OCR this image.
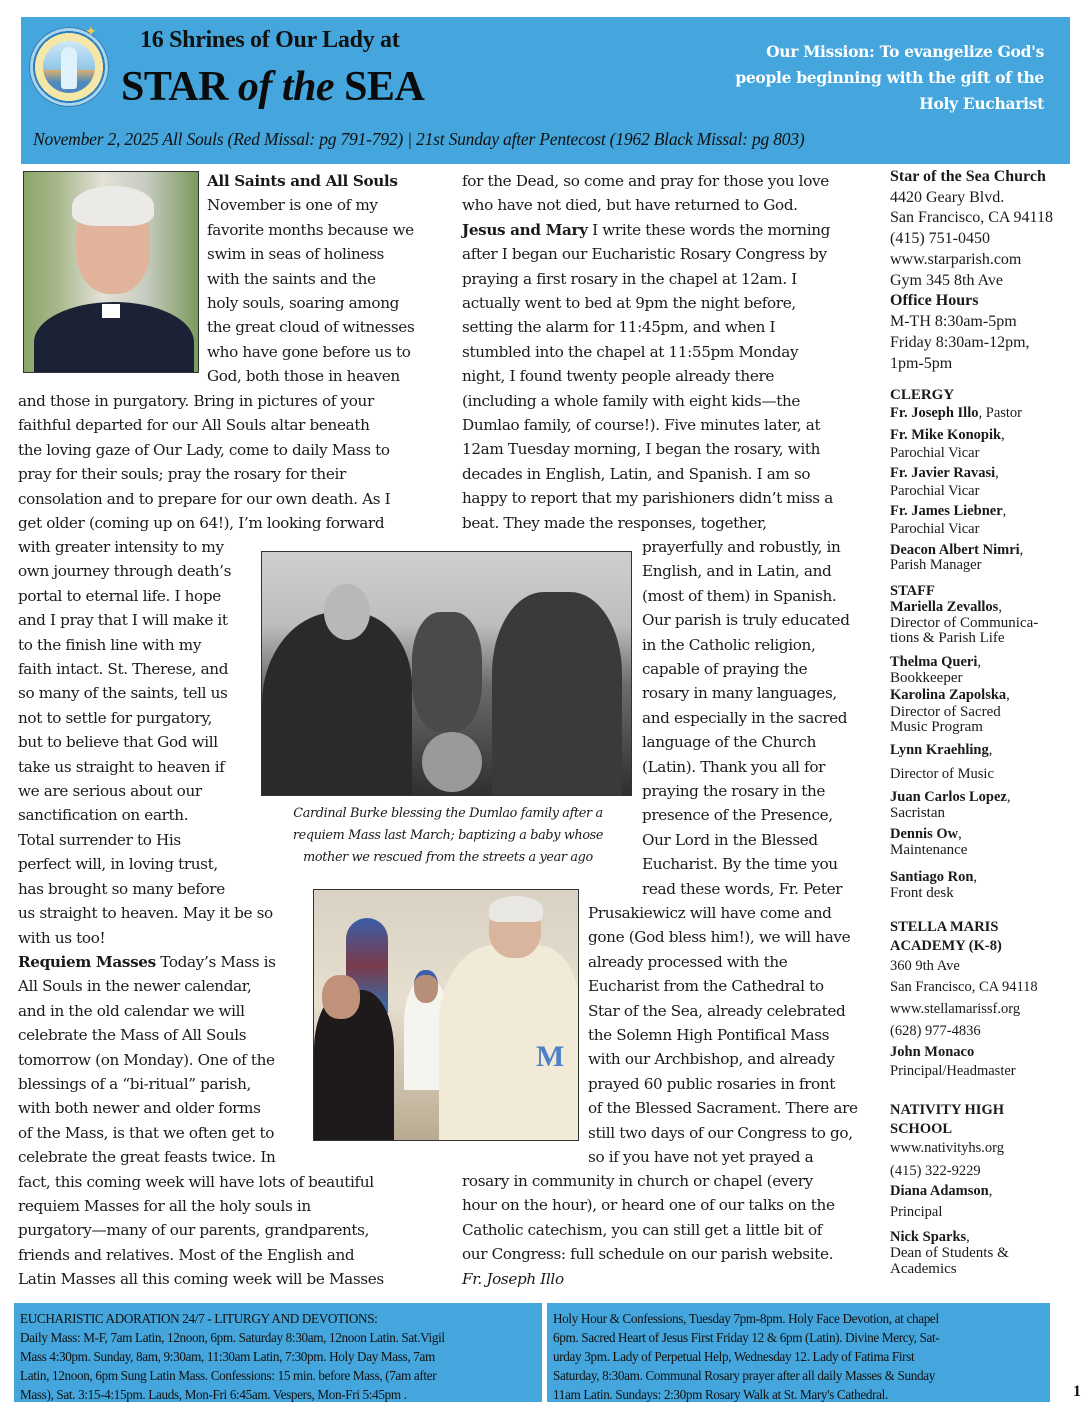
✦ 16 Shrines of Our Lady at
STAR of the SEA
Our Mission: To evangelize God's
people beginning with the gift of the
Holy Eucharist
November 2, 2025 All Souls (Red Missal: pg 791-792) | 21st Sunday after Pentecost (1962 Black Missal: pg 803)
All Saints and All Souls
November is one of my
favorite months because we
swim in seas of holiness
with the saints and the
holy souls, soaring among
the great cloud of witnesses
who have gone before us to
God, both those in heaven
and those in purgatory. Bring in pictures of your
faithful departed for our All Souls altar beneath
the loving gaze of Our Lady, come to daily Mass to
pray for their souls; pray the rosary for their
consolation and to prepare for our own death. As I
get older (coming up on 64!), I’m looking forward
with greater intensity to my
own journey through death’s
portal to eternal life. I hope
and I pray that I will make it
to the finish line with my
faith intact. St. Therese, and
so many of the saints, tell us
not to settle for purgatory,
but to believe that God will
take us straight to heaven if
we are serious about our
sanctification on earth.
Total surrender to His
perfect will, in loving trust,
has brought so many before
us straight to heaven. May it be so
with us too!
Requiem Masses Today’s Mass is
All Souls in the newer calendar,
and in the old calendar we will
celebrate the Mass of All Souls
tomorrow (on Monday). One of the
blessings of a “bi-ritual” parish,
with both newer and older forms
of the Mass, is that we often get to
celebrate the great feasts twice. In
fact, this coming week will have lots of beautiful
requiem Masses for all the holy souls in
purgatory—many of our parents, grandparents,
friends and relatives. Most of the English and
Latin Masses all this coming week will be Masses
for the Dead, so come and pray for those you love
who have not died, but have returned to God.
Jesus and Mary I write these words the morning
after I began our Eucharistic Rosary Congress by
praying a first rosary in the chapel at 12am. I
actually went to bed at 9pm the night before,
setting the alarm for 11:45pm, and when I
stumbled into the chapel at 11:55pm Monday
night, I found twenty people already there
(including a whole family with eight kids—the
Dumlao family, of course!). Five minutes later, at
12am Tuesday morning, I began the rosary, with
decades in English, Latin, and Spanish. I am so
happy to report that my parishioners didn’t miss a
beat. They made the responses, together,
Cardinal Burke blessing the Dumlao family after a
requiem Mass last March; baptizing a baby whose
mother we rescued from the streets a year ago
prayerfully and robustly, in
English, and in Latin, and
(most of them) in Spanish.
Our parish is truly educated
in the Catholic religion,
capable of praying the
rosary in many languages,
and especially in the sacred
language of the Church
(Latin). Thank you all for
praying the rosary in the
presence of the Presence,
Our Lord in the Blessed
Eucharist. By the time you
read these words, Fr. Peter
M
Prusakiewicz will have come and
gone (God bless him!), we will have
already processed with the
Eucharist from the Cathedral to
Star of the Sea, already celebrated
the Solemn High Pontifical Mass
with our Archbishop, and already
prayed 60 public rosaries in front
of the Blessed Sacrament. There are
still two days of our Congress to go,
so if you have not yet prayed a
rosary in community in church or chapel (every
hour on the hour), or heard one of our talks on the
Catholic catechism, you can still get a little bit of
our Congress: full schedule on our parish website.
Fr. Joseph Illo
Star of the Sea Church
4420 Geary Blvd.
San Francisco, CA 94118
(415) 751-0450
www.starparish.com
Gym 345 8th Ave
Office Hours
M-TH 8:30am-5pm
Friday 8:30am-12pm,
1pm-5pm
CLERGY
Fr. Joseph Illo, Pastor
Fr. Mike Konopik,
Parochial Vicar
Fr. Javier Ravasi,
Parochial Vicar
Fr. James Liebner,
Parochial Vicar
Deacon Albert Nimri,
Parish Manager
STAFF
Mariella Zevallos,
Director of Communica-
tions & Parish Life
Thelma Queri,
Bookkeeper
Karolina Zapolska,
Director of Sacred
Music Program
Lynn Kraehling,
Director of Music
Juan Carlos Lopez,
Sacristan
Dennis Ow,
Maintenance
Santiago Ron,
Front desk
STELLA MARIS
ACADEMY (K-8)
360 9th Ave
San Francisco, CA 94118
www.stellamarissf.org
(628) 977-4836
John Monaco
Principal/Headmaster
NATIVITY HIGH
SCHOOL
www.nativityhs.org
(415) 322-9229
Diana Adamson,
Principal
Nick Sparks,
Dean of Students &
Academics
EUCHARISTIC ADORATION 24/7 - LITURGY AND DEVOTIONS:
Daily Mass: M-F, 7am Latin, 12noon, 6pm. Saturday 8:30am, 12noon Latin. Sat.Vigil
Mass 4:30pm. Sunday, 8am, 9:30am, 11:30am Latin, 7:30pm. Holy Day Mass, 7am
Latin, 12noon, 6pm Sung Latin Mass. Confessions: 15 min. before Mass, (7am after
Mass), Sat. 3:15-4:15pm. Lauds, Mon-Fri 6:45am. Vespers, Mon-Fri 5:45pm .
Holy Hour & Confessions, Tuesday 7pm-8pm. Holy Face Devotion, at chapel
6pm. Sacred Heart of Jesus First Friday 12 & 6pm (Latin). Divine Mercy, Sat-
urday 3pm. Lady of Perpetual Help, Wednesday 12. Lady of Fatima First
Saturday, 8:30am. Communal Rosary prayer after all daily Masses & Sunday
11am Latin. Sundays: 2:30pm Rosary Walk at St. Mary's Cathedral.	1
